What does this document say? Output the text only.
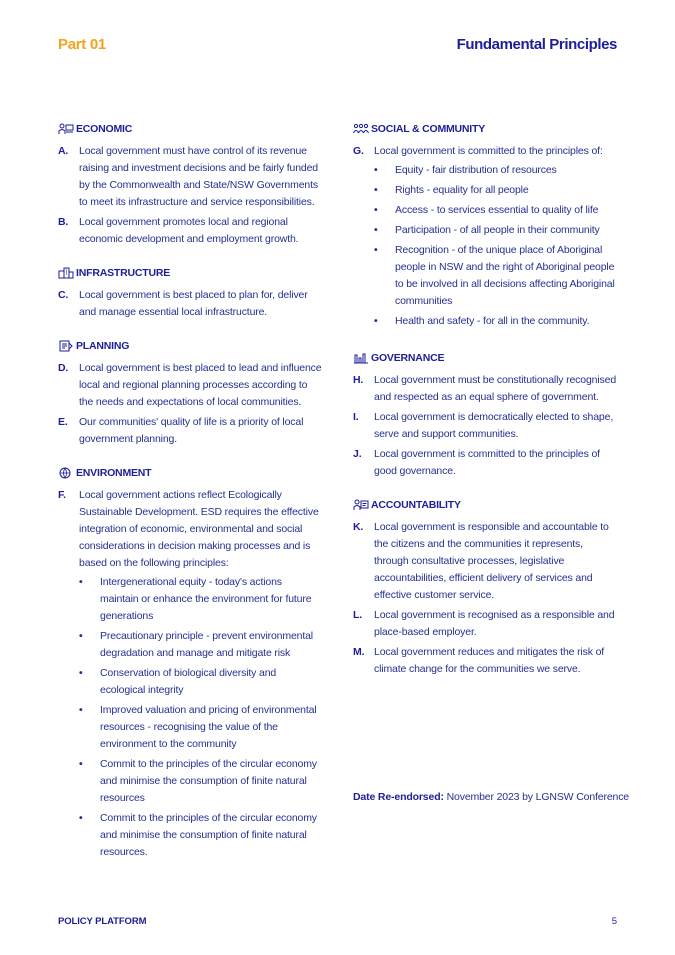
Part 01	Fundamental Principles
ECONOMIC
A.	Local government must have control of its revenue raising and investment decisions and be fairly funded by the Commonwealth and State/NSW Governments to meet its infrastructure and service responsibilities.
B.	Local government promotes local and regional economic development and employment growth.
INFRASTRUCTURE
C.	Local government is best placed to plan for, deliver and manage essential local infrastructure.
PLANNING
D.	Local government is best placed to lead and influence local and regional planning processes according to the needs and expectations of local communities.
E.	Our communities' quality of life is a priority of local government planning.
ENVIRONMENT
F.	Local government actions reflect Ecologically Sustainable Development. ESD requires the effective integration of economic, environmental and social considerations in decision making processes and is based on the following principles:
•	Intergenerational equity - today's actions maintain or enhance the environment for future generations
•	Precautionary principle - prevent environmental degradation and manage and mitigate risk
•	Conservation of biological diversity and ecological integrity
•	Improved valuation and pricing of environmental resources - recognising the value of the environment to the community
•	Commit to the principles of the circular economy and minimise the consumption of finite natural resources
•	Commit to the principles of the circular economy and minimise the consumption of finite natural resources.
SOCIAL & COMMUNITY
G. Local government is committed to the principles of:
•	Equity - fair distribution of resources
•	Rights - equality for all people
•	Access - to services essential to quality of life
•	Participation - of all people in their community
•	Recognition - of the unique place of Aboriginal people in NSW and the right of Aboriginal people to be involved in all decisions affecting Aboriginal communities
•	Health and safety - for all in the community.
GOVERNANCE
H.	Local government must be constitutionally recognised and respected as an equal sphere of government.
I.	Local government is democratically elected to shape, serve and support communities.
J.	Local government is committed to the principles of good governance.
ACCOUNTABILITY
K.	Local government is responsible and accountable to the citizens and the communities it represents, through consultative processes, legislative accountabilities, efficient delivery of services and effective customer service.
L.	Local government is recognised as a responsible and place-based employer.
M. Local government reduces and mitigates the risk of climate change for the communities we serve.
Date Re-endorsed: November 2023 by LGNSW Conference
POLICY PLATFORM	5
